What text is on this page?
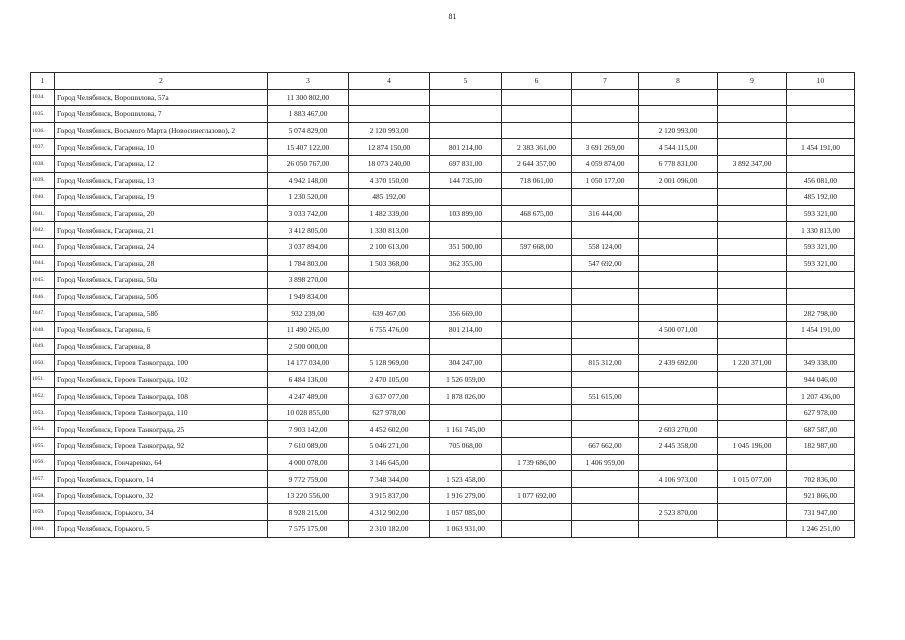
81
1	2	3	4	5	6	7	8	9	10
1034.	Город Челябинск, Ворошилова, 57а	11 300 802,00							
1035.	Город Челябинск, Ворошилова, 7	1 883 467,00							
1036.	Город Челябинск, Восьмого Марта (Новосинеглазово), 2	5 074 829,00	2 120 993,00				2 120 993,00		
1037.	Город Челябинск, Гагарина, 10	15 407 122,00	12 874 150,00	801 214,00	2 383 361,00	3 691 269,00	4 544 115,00		1 454 191,00
1038.	Город Челябинск, Гагарина, 12	26 050 767,00	18 073 240,00	697 831,00	2 644 357,00	4 059 874,00	6 778 831,00	3 892 347,00	
1039.	Город Челябинск, Гагарина, 13	4 942 148,00	4 370 150,00	144 735,00	718 061,00	1 050 177,00	2 001 096,00		456 081,00
1040.	Город Челябинск, Гагарина, 19	1 230 520,00	485 192,00						485 192,00
1041.	Город Челябинск, Гагарина, 20	3 033 742,00	1 482 339,00	103 899,00	468 675,00	316 444,00			593 321,00
1042.	Город Челябинск, Гагарина, 21	3 412 805,00	1 330 813,00						1 330 813,00
1043.	Город Челябинск, Гагарина, 24	3 037 894,00	2 100 613,00	351 500,00	597 668,00	558 124,00			593 321,00
1044.	Город Челябинск, Гагарина, 28	1 784 803,00	1 503 368,00	362 355,00		547 692,00			593 321,00
1045.	Город Челябинск, Гагарина, 50а	3 898 270,00							
1046.	Город Челябинск, Гагарина, 50б	1 949 834,00							
1047.	Город Челябинск, Гагарина, 58б	932 239,00	639 467,00	356 669,00					282 798,00
1048.	Город Челябинск, Гагарина, 6	11 490 265,00	6 755 476,00	801 214,00			4 500 071,00		1 454 191,00
1049.	Город Челябинск, Гагарина, 8	2 500 000,00							
1050.	Город Челябинск, Героев Танкограда, 100	14 177 034,00	5 128 969,00	304 247,00		815 312,00	2 439 692,00	1 220 371,00	349 338,00
1051.	Город Челябинск, Героев Танкограда, 102	6 484 136,00	2 470 105,00	1 526 059,00					944 046,00
1052.	Город Челябинск, Героев Танкограда, 108	4 247 489,00	3 637 077,00	1 878 026,00		551 615,00			1 207 436,00
1053.	Город Челябинск, Героев Танкограда, 110	10 028 855,00	627 978,00						627 978,00
1054.	Город Челябинск, Героев Танкограда, 25	7 903 142,00	4 452 602,00	1 161 745,00			2 603 270,00		687 587,00
1055.	Город Челябинск, Героев Танкограда, 92	7 610 089,00	5 046 271,00	705 068,00		667 662,00	2 445 358,00	1 045 196,00	182 987,00
1056.	Город Челябинск, Гончаренко, 64	4 000 078,00	3 146 645,00		1 739 686,00	1 406 959,00			
1057.	Город Челябинск, Горького, 14	9 772 759,00	7 348 344,00	1 523 458,00			4 106 973,00	1 015 077,00	702 836,00
1058.	Город Челябинск, Горького, 32	13 220 556,00	3 915 837,00	1 916 279,00	1 077 692,00				921 866,00
1059.	Город Челябинск, Горького, 34	8 928 215,00	4 312 902,00	1 057 085,00			2 523 870,00		731 947,00
1060.	Город Челябинск, Горького, 5	7 575 175,00	2 310 182,00	1 063 931,00					1 246 251,00
